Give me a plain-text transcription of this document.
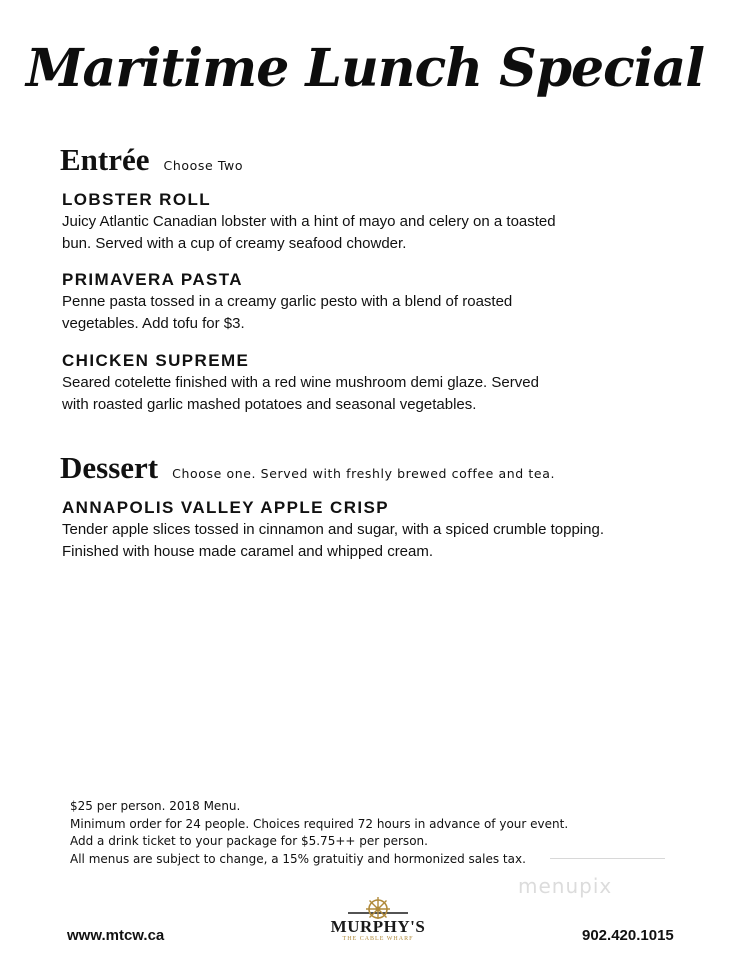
Maritime Lunch Special
Entrée Choose Two
LOBSTER ROLL
Juicy Atlantic Canadian lobster with a hint of mayo and celery on a toasted
bun. Served with a cup of creamy seafood chowder.
PRIMAVERA PASTA
Penne pasta tossed in a creamy garlic pesto with a blend of roasted
vegetables. Add tofu for $3.
CHICKEN SUPREME
Seared cotelette finished with a red wine mushroom demi glaze. Served
with roasted garlic mashed potatoes and seasonal vegetables.
Dessert Choose one. Served with freshly brewed coffee and tea.
ANNAPOLIS VALLEY APPLE CRISP
Tender apple slices tossed in cinnamon and sugar, with a spiced crumble topping.
Finished with house made caramel and whipped cream.
$25 per person. 2018 Menu.
Minimum order for 24 people. Choices required 72 hours in advance of your event.
Add a drink ticket to your package for $5.75++ per person.
All menus are subject to change, a 15% gratuitiy and hormonized sales tax.
menupix
www.mtcw.ca	MURPHY'S
THE CABLE WHARF	902.420.1015
